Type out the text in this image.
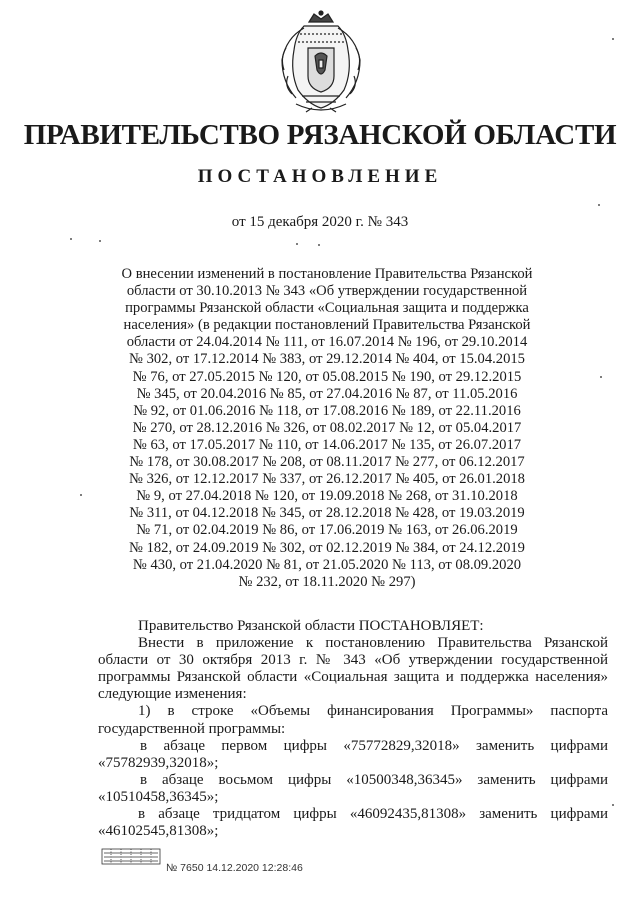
ПРАВИТЕЛЬСТВО РЯЗАНСКОЙ ОБЛАСТИ
ПОСТАНОВЛЕНИЕ
от 15 декабря 2020 г. № 343
О внесении изменений в постановление Правительства Рязанской
области от 30.10.2013 № 343 «Об утверждении государственной
программы Рязанской области «Социальная защита и поддержка
населения» (в редакции постановлений Правительства Рязанской
области от 24.04.2014 № 111, от 16.07.2014 № 196, от 29.10.2014
№ 302, от 17.12.2014 № 383, от 29.12.2014 № 404, от 15.04.2015
№ 76, от 27.05.2015 № 120, от 05.08.2015 № 190, от 29.12.2015
№ 345, от 20.04.2016 № 85, от 27.04.2016 № 87, от 11.05.2016
№ 92, от 01.06.2016 № 118, от 17.08.2016 № 189, от 22.11.2016
№ 270, от 28.12.2016 № 326, от 08.02.2017 № 12, от 05.04.2017
№ 63, от 17.05.2017 № 110, от 14.06.2017 № 135, от 26.07.2017
№ 178, от 30.08.2017 № 208, от 08.11.2017 № 277, от 06.12.2017
№ 326, от 12.12.2017 № 337, от 26.12.2017 № 405, от 26.01.2018
№ 9, от 27.04.2018 № 120, от 19.09.2018 № 268, от 31.10.2018
№ 311, от 04.12.2018 № 345, от 28.12.2018 № 428, от 19.03.2019
№ 71, от 02.04.2019 № 86, от 17.06.2019 № 163, от 26.06.2019
№ 182, от 24.09.2019 № 302, от 02.12.2019 № 384, от 24.12.2019
№ 430, от 21.04.2020 № 81, от 21.05.2020 № 113, от 08.09.2020
№ 232, от 18.11.2020 № 297)
Правительство Рязанской области ПОСТАНОВЛЯЕТ:
Внести в приложение к постановлению Правительства Рязанской
области от 30 октября 2013 г. № 343 «Об утверждении государственной
программы Рязанской области «Социальная защита и поддержка населения»
следующие изменения:
1) в строке «Объемы финансирования Программы» паспорта
государственной программы:
в абзаце первом цифры «75772829,32018» заменить цифрами
«75782939,32018»;
в абзаце восьмом цифры «10500348,36345» заменить цифрами
«10510458,36345»;
в абзаце тридцатом цифры «46092435,81308» заменить цифрами
«46102545,81308»;
№ 7650 14.12.2020 12:28:46
